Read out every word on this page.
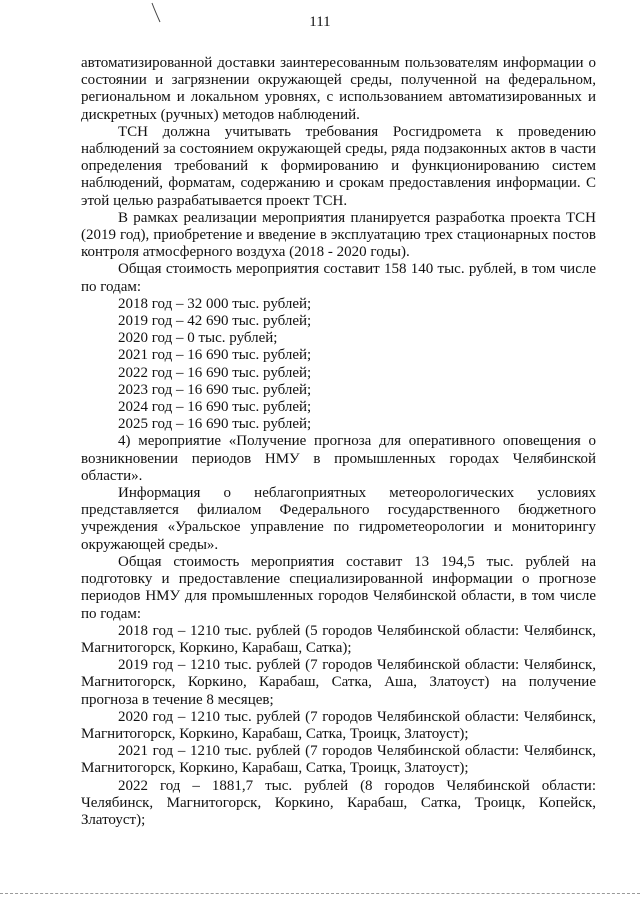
111

автоматизированной доставки заинтересованным пользователям информации о состоянии и загрязнении окружающей среды, полученной на федеральном, региональном и локальном уровнях, с использованием автоматизированных и дискретных (ручных) методов наблюдений.

ТСН должна учитывать требования Росгидромета к проведению наблюдений за состоянием окружающей среды, ряда подзаконных актов в части определения требований к формированию и функционированию систем наблюдений, форматам, содержанию и срокам предоставления информации. С этой целью разрабатывается проект ТСН.

В рамках реализации мероприятия планируется разработка проекта ТСН (2019 год), приобретение и введение в эксплуатацию трех стационарных постов контроля атмосферного воздуха (2018 - 2020 годы).

Общая стоимость мероприятия составит 158 140 тыс. рублей, в том числе по годам:

2018 год – 32 000 тыс. рублей;
2019 год – 42 690 тыс. рублей;
2020 год – 0 тыс. рублей;
2021 год – 16 690 тыс. рублей;
2022 год – 16 690 тыс. рублей;
2023 год – 16 690 тыс. рублей;
2024 год – 16 690 тыс. рублей;
2025 год – 16 690 тыс. рублей;

4) мероприятие «Получение прогноза для оперативного оповещения о возникновении периодов НМУ в промышленных городах Челябинской области».

Информация о неблагоприятных метеорологических условиях представляется филиалом Федерального государственного бюджетного учреждения «Уральское управление по гидрометеорологии и мониторингу окружающей среды».

Общая стоимость мероприятия составит 13 194,5 тыс. рублей на подготовку и предоставление специализированной информации о прогнозе периодов НМУ для промышленных городов Челябинской области, в том числе по годам:

2018 год – 1210 тыс. рублей (5 городов Челябинской области: Челябинск, Магнитогорск, Коркино, Карабаш, Сатка);

2019 год – 1210 тыс. рублей (7 городов Челябинской области: Челябинск, Магнитогорск, Коркино, Карабаш, Сатка, Аша, Златоуст) на получение прогноза в течение 8 месяцев;

2020 год – 1210 тыс. рублей (7 городов Челябинской области: Челябинск, Магнитогорск, Коркино, Карабаш, Сатка, Троицк, Златоуст);

2021 год – 1210 тыс. рублей (7 городов Челябинской области: Челябинск, Магнитогорск, Коркино, Карабаш, Сатка, Троицк, Златоуст);

2022 год – 1881,7 тыс. рублей (8 городов Челябинской области: Челябинск, Магнитогорск, Коркино, Карабаш, Сатка, Троицк, Копейск, Златоуст);
